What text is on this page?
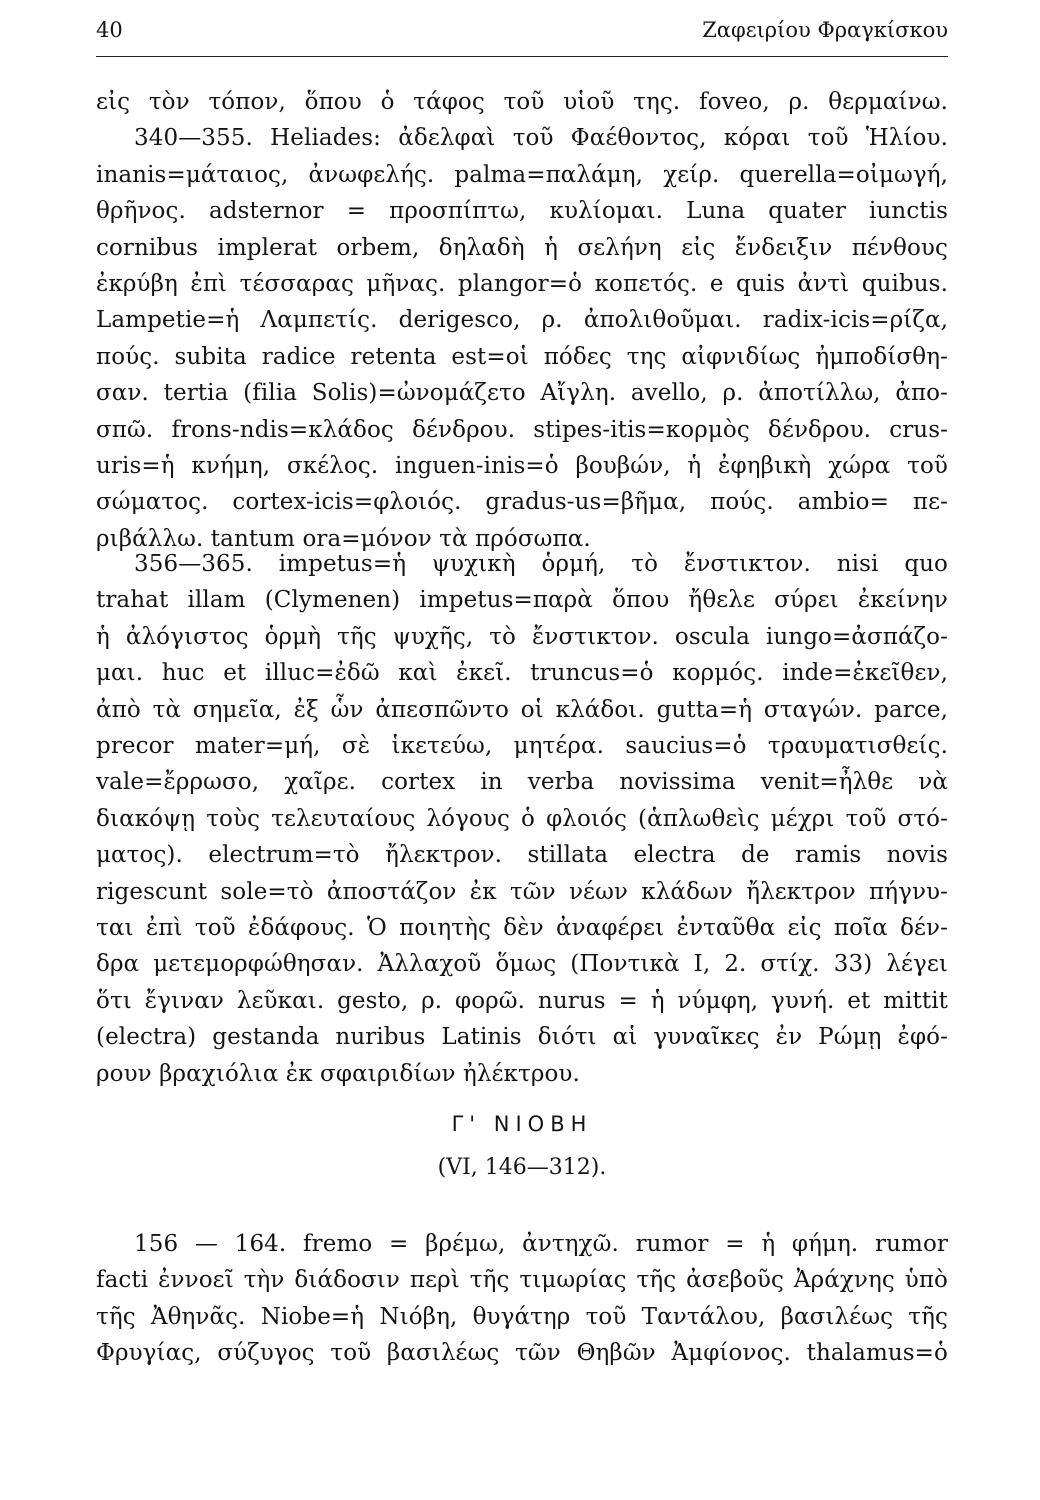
40	Ζαφειρίου Φραγκίσκου
εἰς τὸν τόπον, ὅπου ὁ τάφος τοῦ υἱοῦ της. foveo, ρ. θερμαίνω.
340—355. Heliades: ἀδελφαὶ τοῦ Φαέθοντος, κόραι τοῦ Ἡλίου.
inanis=μάταιος, ἀνωφελής. palma=παλάμη, χείρ. querella=οἰμωγή,
θρῆνος. adsternor = προσπίπτω, κυλίομαι. Luna quater iunctis
cornibus implerat orbem, δηλαδὴ ἡ σελήνη εἰς ἔνδειξιν πένθους
ἐκρύβη ἐπὶ τέσσαρας μῆνας. plangor=ὁ κοπετός. e quis ἀντὶ quibus.
Lampetie=ἡ Λαμπετίς. derigesco, ρ. ἀπολιθοῦμαι. radix-icis=ρίζα,
πούς. subita radice retenta est=οἱ πόδες της αἰφνιδίως ἠμποδίσθη-
σαν. tertia (filia Solis)=ὠνομάζετο Αἴγλη. avello, ρ. ἀποτίλλω, ἀπο-
σπῶ. frons-ndis=κλάδος δένδρου. stipes-itis=κορμὸς δένδρου. crus-
uris=ἡ κνήμη, σκέλος. inguen-inis=ὁ βουβών, ἡ ἐφηβικὴ χώρα τοῦ
σώματος. cortex-icis=φλοιός. gradus-us=βῆμα, πούς. ambio= πε-
ριβάλλω. tantum ora=μόνον τὰ πρόσωπα.
356—365. impetus=ἡ ψυχικὴ ὁρμή, τὸ ἔνστικτον. nisi quo
trahat illam (Clymenen) impetus=παρὰ ὅπου ἤθελε σύρει ἐκείνην
ἡ ἀλόγιστος ὁρμὴ τῆς ψυχῆς, τὸ ἔνστικτον. oscula iungo=ἀσπάζο-
μαι. huc et illuc=ἐδῶ καὶ ἐκεῖ. truncus=ὁ κορμός. inde=ἐκεῖθεν,
ἀπὸ τὰ σημεῖα, ἐξ ὧν ἀπεσπῶντο οἱ κλάδοι. gutta=ἡ σταγών. parce,
precor mater=μή, σὲ ἱκετεύω, μητέρα. saucius=ὁ τραυματισθείς.
vale=ἔρρωσο, χαῖρε. cortex in verba novissima venit=ἦλθε νὰ
διακόψῃ τοὺς τελευταίους λόγους ὁ φλοιός (ἁπλωθεὶς μέχρι τοῦ στό-
ματος). electrum=τὸ ἤλεκτρον. stillata electra de ramis novis
rigescunt sole=τὸ ἀποστάζον ἐκ τῶν νέων κλάδων ἤλεκτρον πήγνυ-
ται ἐπὶ τοῦ ἐδάφους. Ὁ ποιητὴς δὲν ἀναφέρει ἐνταῦθα εἰς ποῖα δέν-
δρα μετεμορφώθησαν. Ἀλλαχοῦ ὅμως (Ποντικὰ Ι, 2. στίχ. 33) λέγει
ὅτι ἔγιναν λεῦκαι. gesto, ρ. φορῶ. nurus = ἡ νύμφη, γυνή. et mittit
(electra) gestanda nuribus Latinis διότι αἱ γυναῖκες ἐν Ρώμῃ ἐφό-
ρουν βραχιόλια ἐκ σφαιριδίων ἠλέκτρου.
Γ' ΝΙΟΒΗ
(VI, 146—312).
156 — 164. fremo = βρέμω, ἀντηχῶ. rumor = ἡ φήμη. rumor
facti ἐννοεῖ τὴν διάδοσιν περὶ τῆς τιμωρίας τῆς ἀσεβοῦς Ἀράχνης ὑπὸ
τῆς Ἀθηνᾶς. Niobe=ἡ Νιόβη, θυγάτηρ τοῦ Ταντάλου, βασιλέως τῆς
Φρυγίας, σύζυγος τοῦ βασιλέως τῶν Θηβῶν Ἀμφίονος. thalamus=ὁ
